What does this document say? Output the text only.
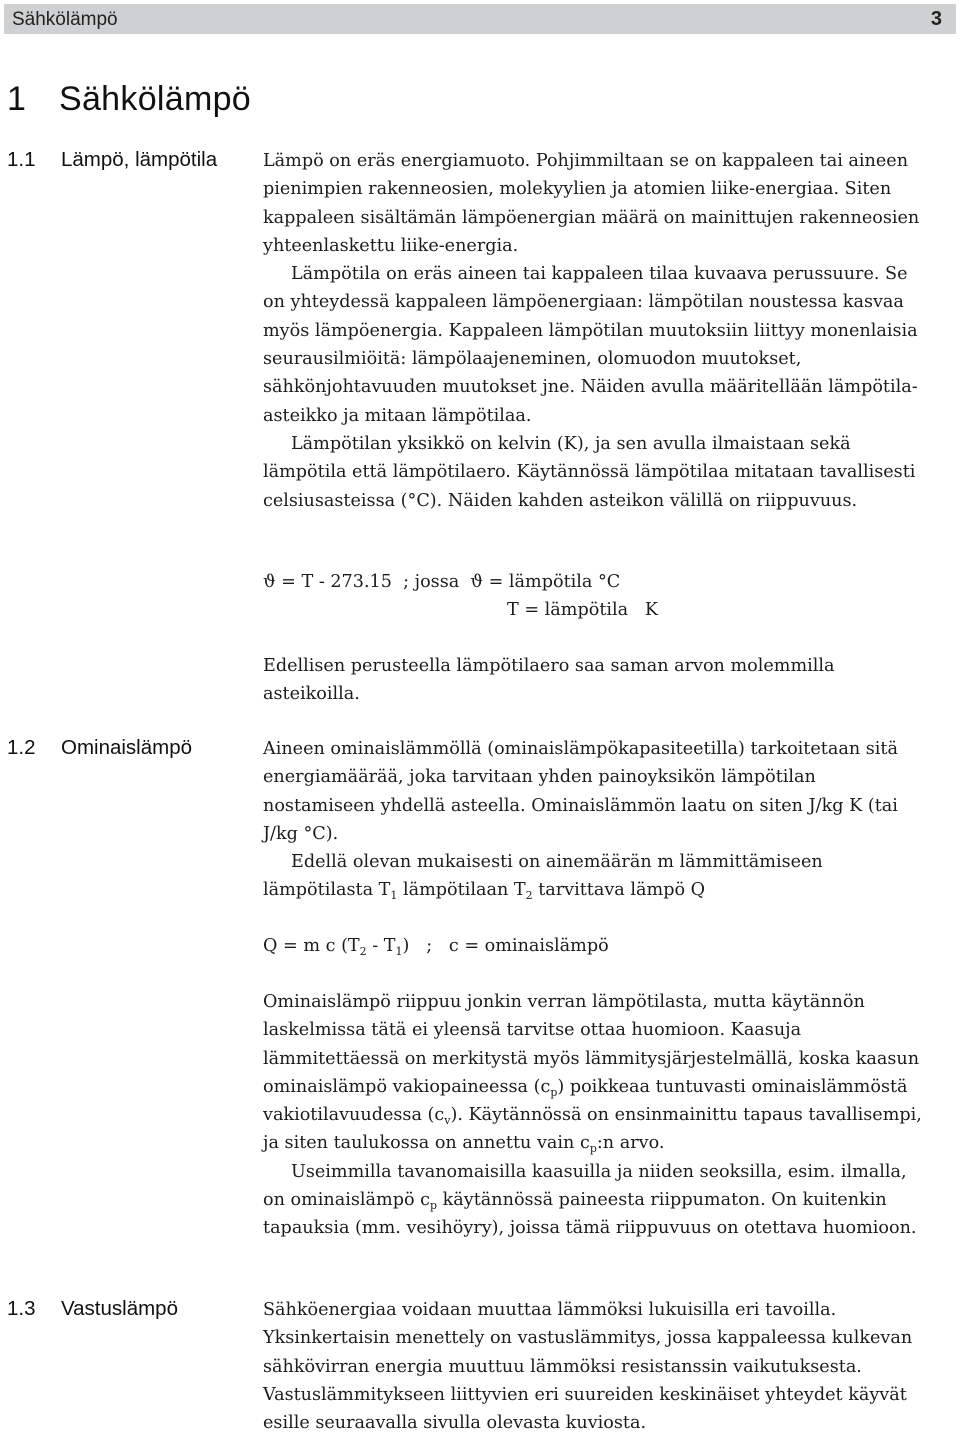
Sähkölämpö	3
1 Sähkölämpö
1.1 Lämpö, lämpötila	Lämpö on eräs energiamuoto. Pohjimmiltaan se on kappaleen tai aineen pienimpien rakenneosien, molekyylien ja atomien liike-energiaa. Siten kappaleen sisältämän lämpöenergian määrä on mainittujen rakenneosien yhteenlaskettu liike-energia.

Lämpötila on eräs aineen tai kappaleen tilaa kuvaava perussuure. Se on yhteydessä kappaleen lämpöenergiaan: lämpötilan noustessa kasvaa myös lämpöenergia. Kappaleen lämpötilan muutoksiin liittyy monenlaisia seurausilmiöitä: lämpölaajeneminen, olomuodon muutokset, sähkönjohtavuuden muutokset jne. Näiden avulla määritellään lämpötila-asteikko ja mitaan lämpötilaa.

Lämpötilan yksikkö on kelvin (K), ja sen avulla ilmaistaan sekä lämpötila että lämpötilaero. Käytännössä lämpötilaa mitataan tavallisesti celsiusasteissa (°C). Näiden kahden asteikon välillä on riippuvuus.

ϑ = T - 273.15  ; jossa  ϑ = lämpötila °C
T = lämpötila   K

Edellisen perusteella lämpötilaero saa saman arvon molemmilla asteikoilla.

1.2 Ominaislämpö	Aineen ominaislämmöllä (ominaislämpökapasiteetilla) tarkoitetaan sitä energiamäärää, joka tarvitaan yhden painoyksikön lämpötilan nostamiseen yhdellä asteella. Ominaislämmön laatu on siten J/kg K (tai J/kg °C).

Edellä olevan mukaisesti on ainemäärän m lämmittämiseen lämpötilasta $T_1$ lämpötilaan $T_2$ tarvittava lämpö Q

Q = m c $(T_2 - T_1)$   ;   c = ominaislämpö

Ominaislämpö riippuu jonkin verran lämpötilasta, mutta käytännön laskelmissa tätä ei yleensä tarvitse ottaa huomioon. Kaasuja lämmitettäessä on merkitystä myös lämmitysjärjestelmällä, koska kaasun ominaislämpö vakiopaineessa $(c_p)$ poikkeaa tuntuvasti ominaislämmöstä vakiotilavuudessa $(c_v)$. Käytännössä on ensinmainittu tapaus tavallisempi, ja siten taulukossa on annettu vain $c_p:n$ arvo.

Useimmilla tavanomaisilla kaasuilla ja niiden seoksilla, esim. ilmalla, on ominaislämpö $c_p$ käytännössä paineesta riippumaton. On kuitenkin tapauksia (mm. vesihöyry), joissa tämä riippuvuus on otettava huomioon.

1.3 Vastuslämpö	Sähköenergiaa voidaan muuttaa lämmöksi lukuisilla eri tavoilla. Yksinkertaisin menettely on vastuslämmitys, jossa kappaleessa kulkevan sähkövirran energia muuttuu lämmöksi resistanssin vaikutuksesta. Vastuslämmitykseen liittyvien eri suureiden keskinäiset yhteydet käyvät esille seuraavalla sivulla olevasta kuviosta.
